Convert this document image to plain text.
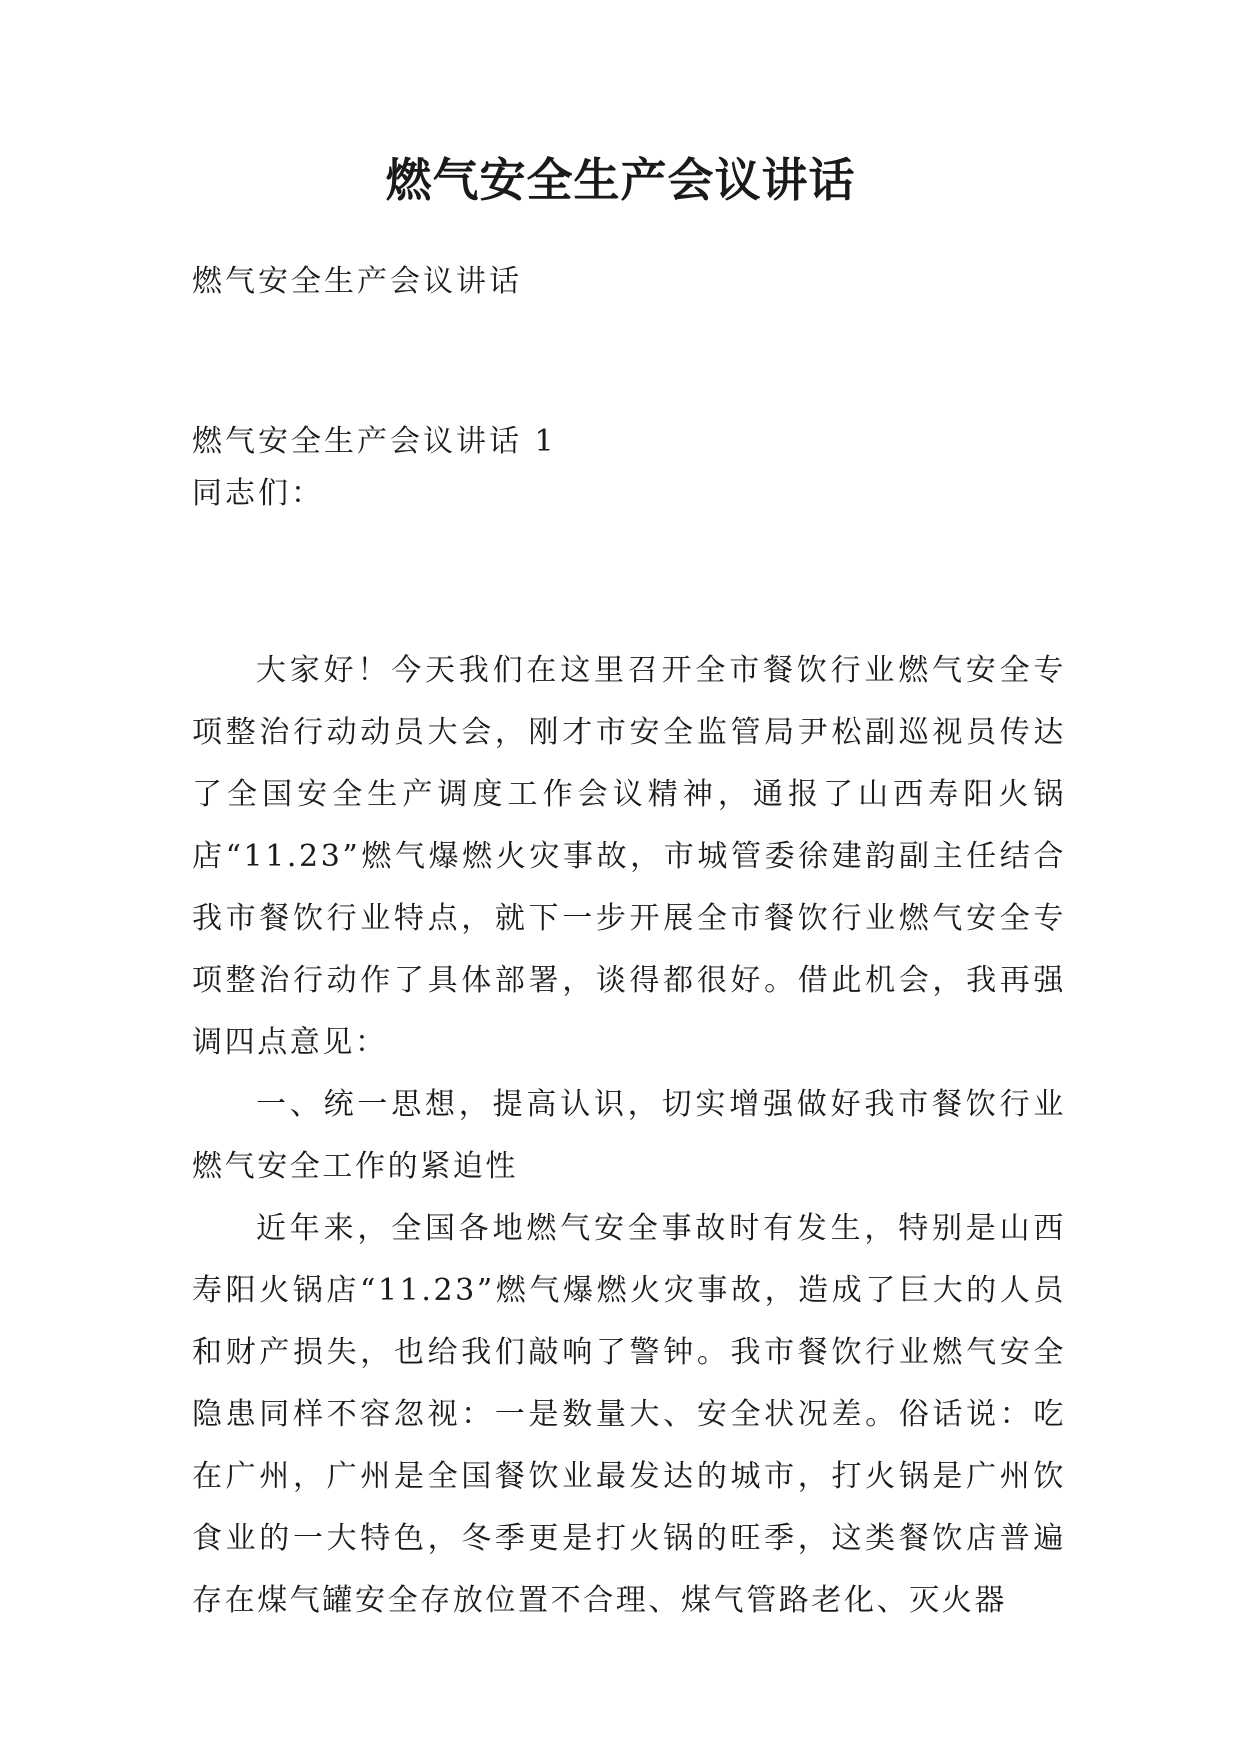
燃气安全生产会议讲话

燃气安全生产会议讲话

燃气安全生产会议讲话 1

同志们：

大家好！今天我们在这里召开全市餐饮行业燃气安全专项整治行动动员大会，刚才市安全监管局尹松副巡视员传达了全国安全生产调度工作会议精神，通报了山西寿阳火锅店“11.23”燃气爆燃火灾事故，市城管委徐建韵副主任结合我市餐饮行业特点，就下一步开展全市餐饮行业燃气安全专项整治行动作了具体部署，谈得都很好。借此机会，我再强调四点意见：

一、统一思想，提高认识，切实增强做好我市餐饮行业燃气安全工作的紧迫性

近年来，全国各地燃气安全事故时有发生，特别是山西寿阳火锅店“11.23”燃气爆燃火灾事故，造成了巨大的人员和财产损失，也给我们敲响了警钟。我市餐饮行业燃气安全隐患同样不容忽视：一是数量大、安全状况差。俗话说：吃在广州，广州是全国餐饮业最发达的城市，打火锅是广州饮食业的一大特色，冬季更是打火锅的旺季，这类餐饮店普遍存在煤气罐安全存放位置不合理、煤气管路老化、灭火器
